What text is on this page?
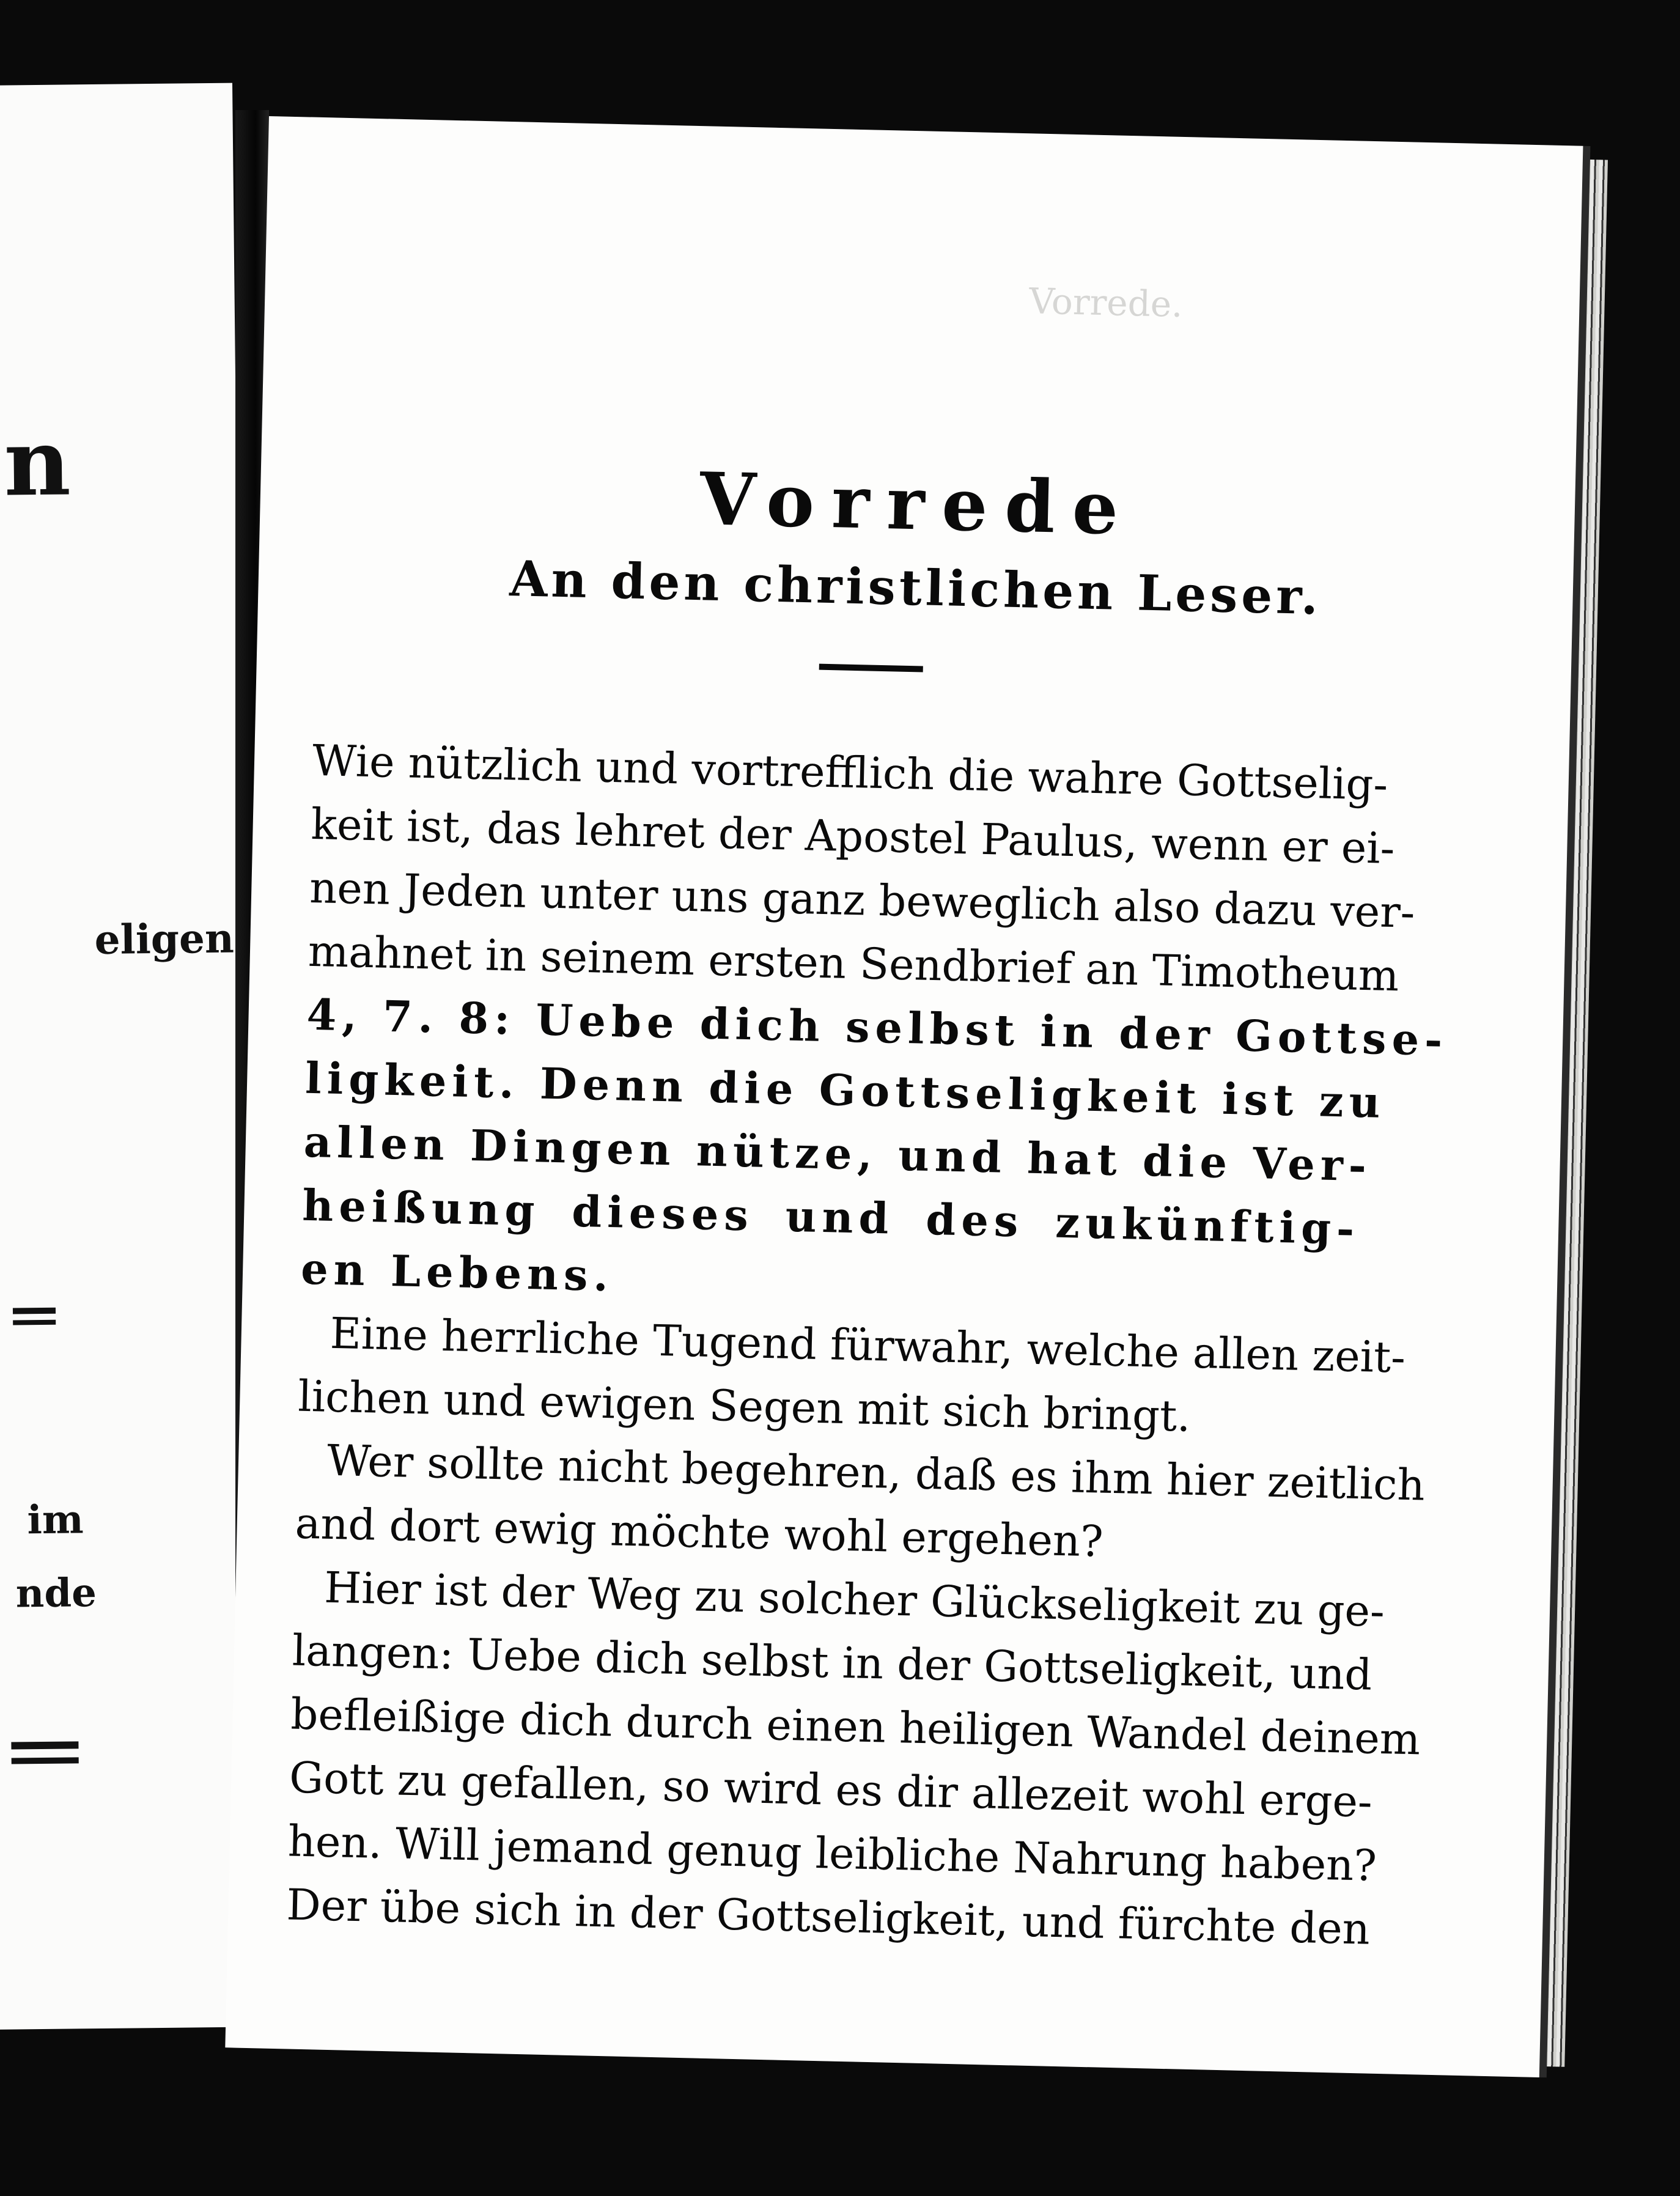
n
eligen
im
nde
Vorrede.
Vorrede
An den christlichen Leser.
Wie nützlich und vortrefflich die wahre Gottselig-
keit ist, das lehret der Apostel Paulus, wenn er ei-
nen Jeden unter uns ganz beweglich also dazu ver-
mahnet in seinem ersten Sendbrief an Timotheum
4, 7. 8: Uebe dich selbst in der Gottse-
ligkeit. Denn die Gottseligkeit ist zu
allen Dingen nütze, und hat die Ver-
heißung dieses und des zukünftig-
en Lebens.
Eine herrliche Tugend fürwahr, welche allen zeit-
lichen und ewigen Segen mit sich bringt.
Wer sollte nicht begehren, daß es ihm hier zeitlich
and dort ewig möchte wohl ergehen?
Hier ist der Weg zu solcher Glückseligkeit zu ge-
langen: Uebe dich selbst in der Gottseligkeit, und
befleißige dich durch einen heiligen Wandel deinem
Gott zu gefallen, so wird es dir allezeit wohl erge-
hen. Will jemand genug leibliche Nahrung haben?
Der übe sich in der Gottseligkeit, und fürchte den
